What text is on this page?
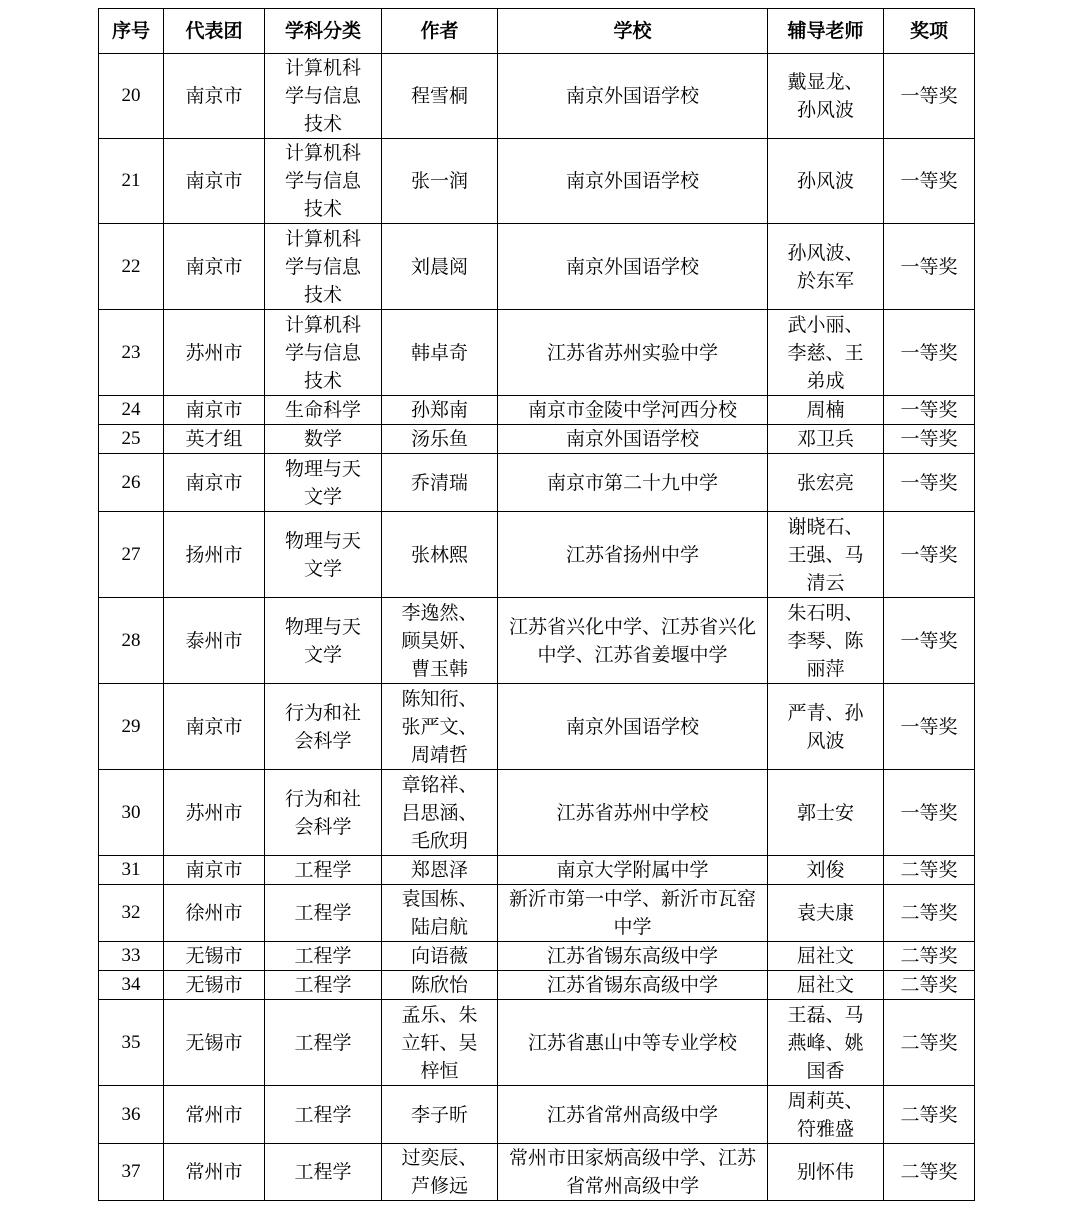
序号	代表团	学科分类	作者	学校	辅导老师	奖项
20	南京市	计算机科学与信息技术	程雪桐	南京外国语学校	戴显龙、孙风波	一等奖
21	南京市	计算机科学与信息技术	张一润	南京外国语学校	孙风波	一等奖
22	南京市	计算机科学与信息技术	刘晨阅	南京外国语学校	孙风波、於东军	一等奖
23	苏州市	计算机科学与信息技术	韩卓奇	江苏省苏州实验中学	武小丽、李慈、王弟成	一等奖
24	南京市	生命科学	孙郑南	南京市金陵中学河西分校	周楠	一等奖
25	英才组	数学	汤乐鱼	南京外国语学校	邓卫兵	一等奖
26	南京市	物理与天文学	乔清瑞	南京市第二十九中学	张宏亮	一等奖
27	扬州市	物理与天文学	张林熙	江苏省扬州中学	谢晓石、王强、马清云	一等奖
28	泰州市	物理与天文学	李逸然、顾昊妍、曹玉韩	江苏省兴化中学、江苏省兴化中学、江苏省姜堰中学	朱石明、李琴、陈丽萍	一等奖
29	南京市	行为和社会科学	陈知衎、张严文、周靖哲	南京外国语学校	严青、孙风波	一等奖
30	苏州市	行为和社会科学	章铭祥、吕思涵、毛欣玥	江苏省苏州中学校	郭士安	一等奖
31	南京市	工程学	郑恩泽	南京大学附属中学	刘俊	二等奖
32	徐州市	工程学	袁国栋、陆启航	新沂市第一中学、新沂市瓦窑中学	袁夫康	二等奖
33	无锡市	工程学	向语薇	江苏省锡东高级中学	屈社文	二等奖
34	无锡市	工程学	陈欣怡	江苏省锡东高级中学	屈社文	二等奖
35	无锡市	工程学	孟乐、朱立轩、吴梓恒	江苏省惠山中等专业学校	王磊、马燕峰、姚国香	二等奖
36	常州市	工程学	李子昕	江苏省常州高级中学	周莉英、符雅盛	二等奖
37	常州市	工程学	过奕辰、芦修远	常州市田家炳高级中学、江苏省常州高级中学	别怀伟	二等奖
